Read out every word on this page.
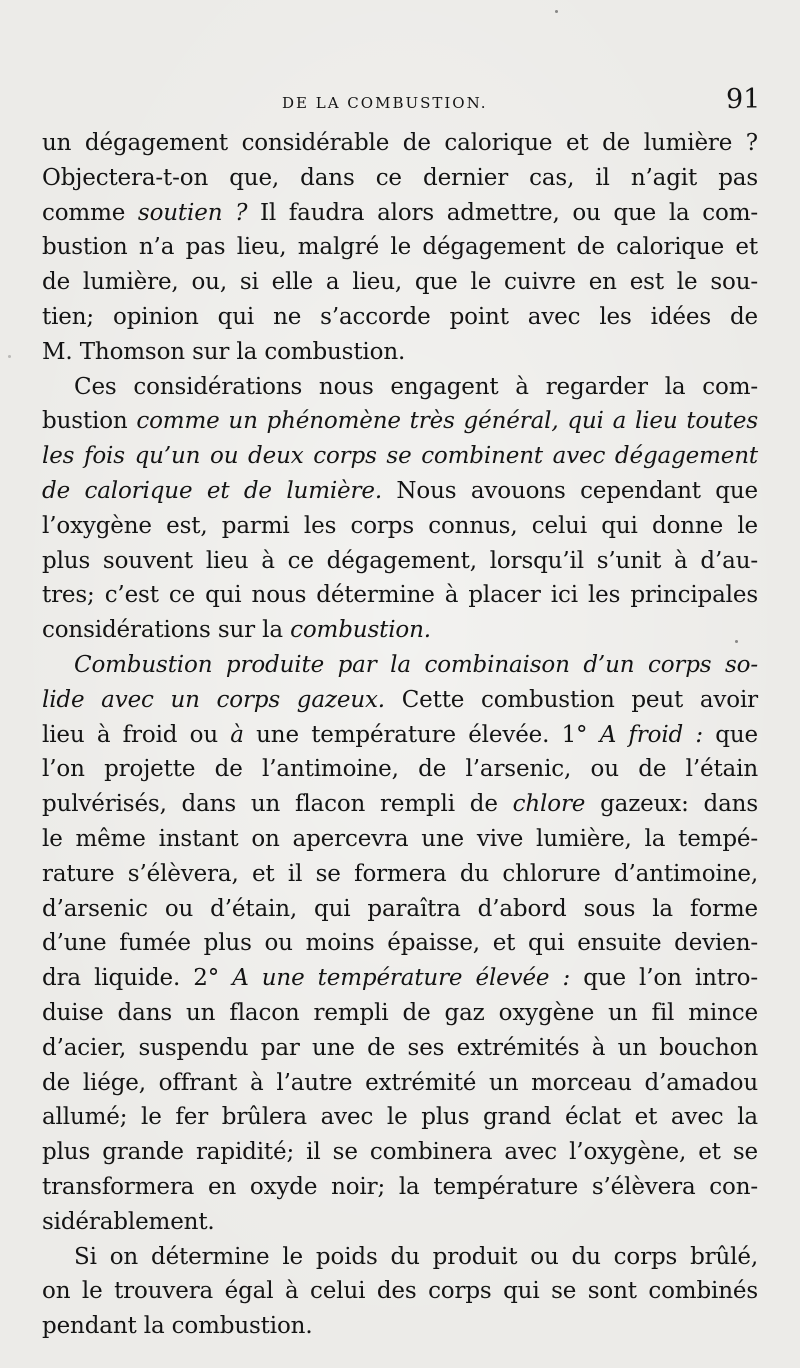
DE LA COMBUSTION.	91
un dégagement considérable de calorique et de lumière ?
Objectera-t-on que, dans ce dernier cas, il n’agit pas
comme soutien ? Il faudra alors admettre, ou que la com-
bustion n’a pas lieu, malgré le dégagement de calorique et
de lumière, ou, si elle a lieu, que le cuivre en est le sou-
tien; opinion qui ne s’accorde point avec les idées de
M. Thomson sur la combustion.
Ces considérations nous engagent à regarder la com-
bustion comme un phénomène très général, qui a lieu toutes
les fois qu’un ou deux corps se combinent avec dégagement
de calorique et de lumière. Nous avouons cependant que
l’oxygène est, parmi les corps connus, celui qui donne le
plus souvent lieu à ce dégagement, lorsqu’il s’unit à d’au-
tres; c’est ce qui nous détermine à placer ici les principales
considérations sur la combustion.
Combustion produite par la combinaison d’un corps so-
lide avec un corps gazeux. Cette combustion peut avoir
lieu à froid ou à une température élevée. 1° A froid : que
l’on projette de l’antimoine, de l’arsenic, ou de l’étain
pulvérisés, dans un flacon rempli de chlore gazeux: dans
le même instant on apercevra une vive lumière, la tempé-
rature s’élèvera, et il se formera du chlorure d’antimoine,
d’arsenic ou d’étain, qui paraîtra d’abord sous la forme
d’une fumée plus ou moins épaisse, et qui ensuite devien-
dra liquide. 2° A une température élevée : que l’on intro-
duise dans un flacon rempli de gaz oxygène un fil mince
d’acier, suspendu par une de ses extrémités à un bouchon
de liége, offrant à l’autre extrémité un morceau d’amadou
allumé; le fer brûlera avec le plus grand éclat et avec la
plus grande rapidité; il se combinera avec l’oxygène, et se
transformera en oxyde noir; la température s’élèvera con-
sidérablement.
Si on détermine le poids du produit ou du corps brûlé,
on le trouvera égal à celui des corps qui se sont combinés
pendant la combustion.
